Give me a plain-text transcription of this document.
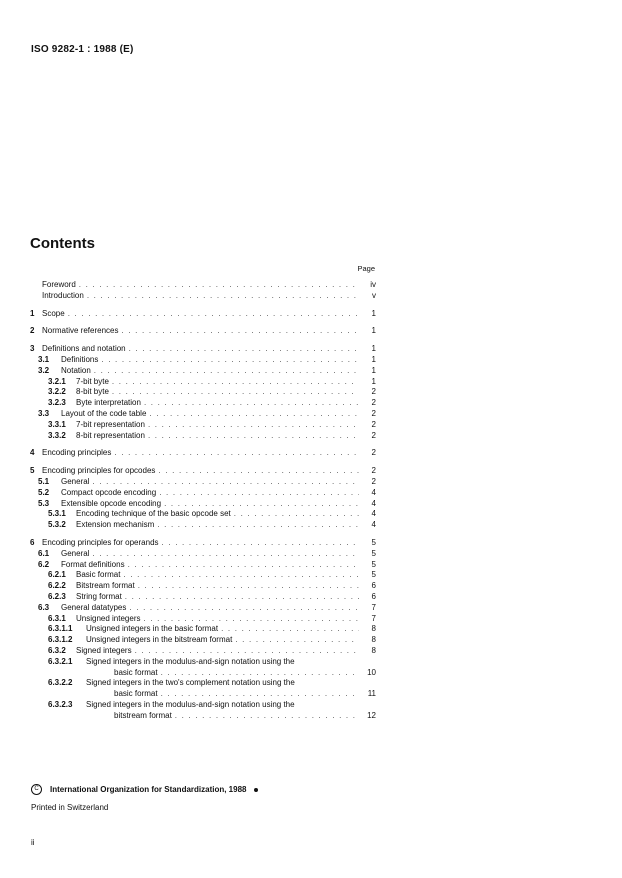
ISO 9282-1 : 1988 (E)
Contents
Page
Foreword . . .	iv
Introduction . . .	v
1 Scope . . .	1
2 Normative references . . .	1
3 Definitions and notation . . .	1
3.1	Definitions . . .	1
3.2	Notation . . .	1
3.2.1	7-bit byte . . .	1
3.2.2	8-bit byte . . .	2
3.2.3	Byte interpretation . . .	2
3.3	Layout of the code table . . .	2
3.3.1	7-bit representation . . .	2
3.3.2	8-bit representation . . .	2
4 Encoding principles . . .	2
5 Encoding principles for opcodes . . .	2
5.1	General . . .	2
5.2	Compact opcode encoding . . .	4
5.3	Extensible opcode encoding . . .	4
5.3.1	Encoding technique of the basic opcode set . . .	4
5.3.2	Extension mechanism . . .	4
6 Encoding principles for operands . . .	5
6.1	General . . .	5
6.2	Format definitions . . .	5
6.2.1	Basic format . . .	5
6.2.2	Bitstream format . . .	6
6.2.3	String format . . .	6
6.3	General datatypes . . .	7
6.3.1	Unsigned integers . . .	7
6.3.1.1	Unsigned integers in the basic format . . .	8
6.3.1.2	Unsigned integers in the bitstream format . . .	8
6.3.2	Signed integers . . .	8
6.3.2.1	Signed integers in the modulus-and-sign notation using the
basic format . . .	10
6.3.2.2	Signed integers in the two's complement notation using the
basic format . . .	11
6.3.2.3	Signed integers in the modulus-and-sign notation using the
bitstream format . . .	12
C	International Organization for Standardization, 1988
Printed in Switzerland
ii
